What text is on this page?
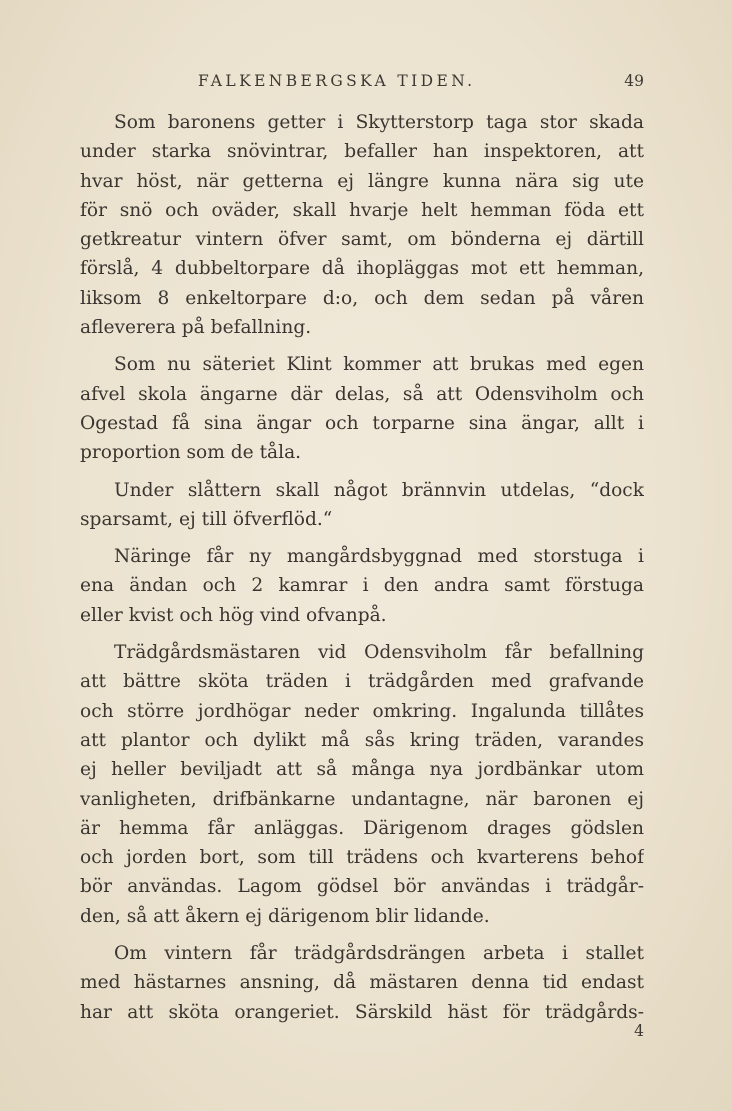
FALKENBERGSKA TIDEN.	49
Som baronens getter i Skytterstorp taga stor skada
under starka snövintrar, befaller han inspektoren, att
hvar höst, när getterna ej längre kunna nära sig ute
för snö och oväder, skall hvarje helt hemman föda ett
getkreatur vintern öfver samt, om bönderna ej därtill
förslå, 4 dubbeltorpare då ihopläggas mot ett hemman,
liksom 8 enkeltorpare d:o, och dem sedan på våren
afleverera på befallning.
Som nu säteriet Klint kommer att brukas med egen
afvel skola ängarne där delas, så att Odensviholm och
Ogestad få sina ängar och torparne sina ängar, allt i
proportion som de tåla.
Under slåttern skall något brännvin utdelas, “dock
sparsamt, ej till öfverflöd.“
Näringe får ny mangårdsbyggnad med storstuga i
ena ändan och 2 kamrar i den andra samt förstuga
eller kvist och hög vind ofvanpå.
Trädgårdsmästaren vid Odensviholm får befallning
att bättre sköta träden i trädgården med grafvande
och större jordhögar neder omkring. Ingalunda tillåtes
att plantor och dylikt må sås kring träden, varandes
ej heller beviljadt att så många nya jordbänkar utom
vanligheten, drifbänkarne undantagne, när baronen ej
är hemma får anläggas. Därigenom drages gödslen
och jorden bort, som till trädens och kvarterens behof
bör användas. Lagom gödsel bör användas i trädgår-
den, så att åkern ej därigenom blir lidande.
Om vintern får trädgårdsdrängen arbeta i stallet
med hästarnes ansning, då mästaren denna tid endast
har att sköta orangeriet. Särskild häst för trädgårds-
4
